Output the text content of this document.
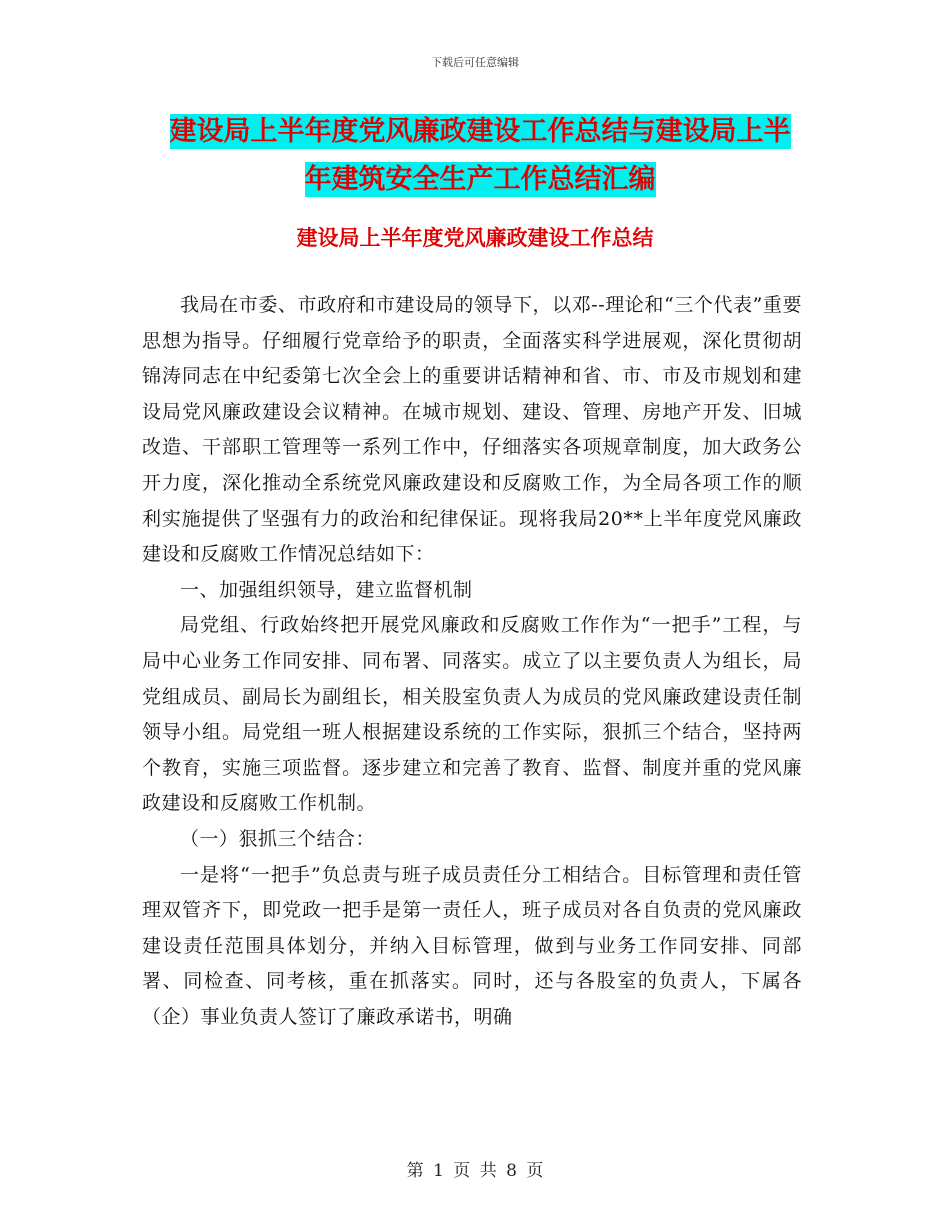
下载后可任意编辑
建设局上半年度党风廉政建设工作总结与建设局上半
年建筑安全生产工作总结汇编
建设局上半年度党风廉政建设工作总结

我局在市委、市政府和市建设局的领导下，以邓--理论和“三个代表”重要思想为指导。仔细履行党章给予的职责，全面落实科学进展观，深化贯彻胡锦涛同志在中纪委第七次全会上的重要讲话精神和省、市、市及市规划和建设局党风廉政建设会议精神。在城市规划、建设、管理、房地产开发、旧城改造、干部职工管理等一系列工作中，仔细落实各项规章制度，加大政务公开力度，深化推动全系统党风廉政建设和反腐败工作，为全局各项工作的顺利实施提供了坚强有力的政治和纪律保证。现将我局20**上半年度党风廉政建设和反腐败工作情况总结如下：

一、加强组织领导，建立监督机制

局党组、行政始终把开展党风廉政和反腐败工作作为“一把手”工程，与局中心业务工作同安排、同布署、同落实。成立了以主要负责人为组长，局党组成员、副局长为副组长，相关股室负责人为成员的党风廉政建设责任制领导小组。局党组一班人根据建设系统的工作实际，狠抓三个结合，坚持两个教育，实施三项监督。逐步建立和完善了教育、监督、制度并重的党风廉政建设和反腐败工作机制。

（一）狠抓三个结合：

一是将“一把手”负总责与班子成员责任分工相结合。目标管理和责任管理双管齐下，即党政一把手是第一责任人，班子成员对各自负责的党风廉政建设责任范围具体划分，并纳入目标管理，做到与业务工作同安排、同部署、同检查、同考核，重在抓落实。同时，还与各股室的负责人，下属各（企）事业负责人签订了廉政承诺书，明确

第 1 页 共 8 页
